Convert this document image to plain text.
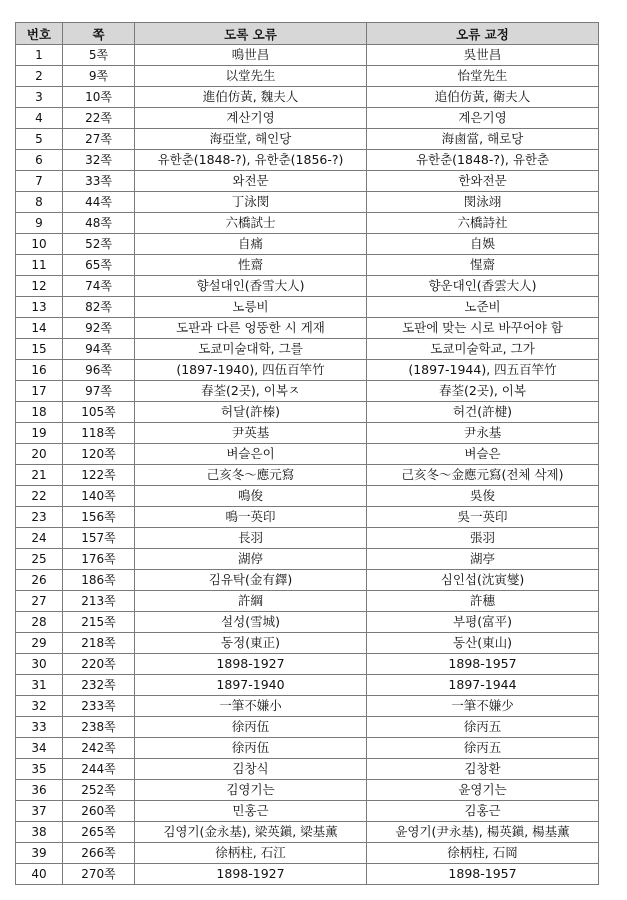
번호	쪽	도록 오류	오류 교정
1	5쪽	鳴世昌	吳世昌
2	9쪽	以堂先生	怡堂先生
3	10쪽	進伯仿黃, 魏夫人	追伯仿黃, 衛夫人
4	22쪽	계산기영	계은기영
5	27쪽	海亞堂, 해인당	海鹵當, 해로당
6	32쪽	유한춘(1848-?), 유한춘(1856-?)	유한춘(1848-?), 유한춘
7	33쪽	와전문	한와전문
8	44쪽	丁泳閔	閔泳翊
9	48쪽	六橋試士	六橋詩社
10	52쪽	自痛	自娛
11	65쪽	性齋	惺齋
12	74쪽	향설대인(香雪大人)	향운대인(香雲大人)
13	82쪽	노릉비	노준비
14	92쪽	도판과 다른 엉뚱한 시 게재	도판에 맞는 시로 바꾸어야 함
15	94쪽	도쿄미술대학, 그를	도쿄미술학교, 그가
16	96쪽	(1897-1940), 四伍百竿竹	(1897-1944), 四五百竿竹
17	97쪽	春荃(2곳), 이복ㅈ	春荃(2곳), 이복
18	105쪽	허달(許榛)	허건(許楗)
19	118쪽	尹英基	尹永基
20	120쪽	벼슬은이	벼슬은
21	122쪽	己亥冬～應元寫	己亥冬～金應元寫(전체 삭제)
22	140쪽	鳴俊	吳俊
23	156쪽	鳴一英印	吳一英印
24	157쪽	長羽	張羽
25	176쪽	湖停	湖亭
26	186쪽	김유탁(金有鐸)	심인섭(沈寅燮)
27	213쪽	許綱	許穗
28	215쪽	설성(雪城)	부평(富平)
29	218쪽	동정(東正)	동산(東山)
30	220쪽	1898-1927	1898-1957
31	232쪽	1897-1940	1897-1944
32	233쪽	一筆不嫌小	一筆不嫌少
33	238쪽	徐丙伍	徐丙五
34	242쪽	徐丙伍	徐丙五
35	244쪽	김창식	김창환
36	252쪽	김영기는	윤영기는
37	260쪽	민홍근	김홍근
38	265쪽	김영기(金永基), 梁英鎭, 梁基薰	윤영기(尹永基), 楊英鎭, 楊基薰
39	266쪽	徐柄柱, 石江	徐柄柱, 石岡
40	270쪽	1898-1927	1898-1957
